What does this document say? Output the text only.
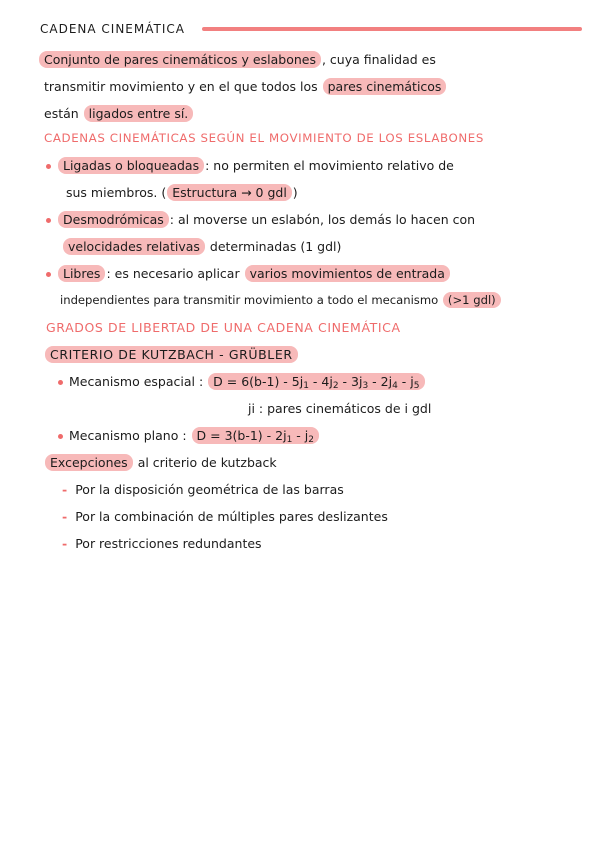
CADENA CINEMÁTICA
Conjunto de pares cinemáticos y eslabones , cuya finalidad es
transmitir movimiento y en el que todos los pares cinemáticos
están ligados entre sí.
CADENAS CINEMÁTICAS SEGÚN EL MOVIMIENTO DE LOS ESLABONES
Ligadas o bloqueadas : no permiten el movimiento relativo de
sus miembros. ( Estructura → 0 gdl )
Desmodrómicas : al moverse un eslabón, los demás lo hacen con
velocidades relativas determinadas (1 gdl)
Libres : es necesario aplicar varios movimientos de entrada
independientes para transmitir movimiento a todo el mecanismo (>1 gdl)
GRADOS DE LIBERTAD DE UNA CADENA CINEMÁTICA
CRITERIO DE KUTZBACH - GRÜBLER
Mecanismo espacial : $D = 6(b-1) - 5j_1 - 4j_2 - 3j_3 - 2j_4 - j_5$
ji : pares cinemáticos de i gdl
Mecanismo plano : $D = 3(b-1) - 2j_1 - j_2$
Excepciones al criterio de kutzback
- Por la disposición geométrica de las barras
- Por la combinación de múltiples pares deslizantes
- Por restricciones redundantes
